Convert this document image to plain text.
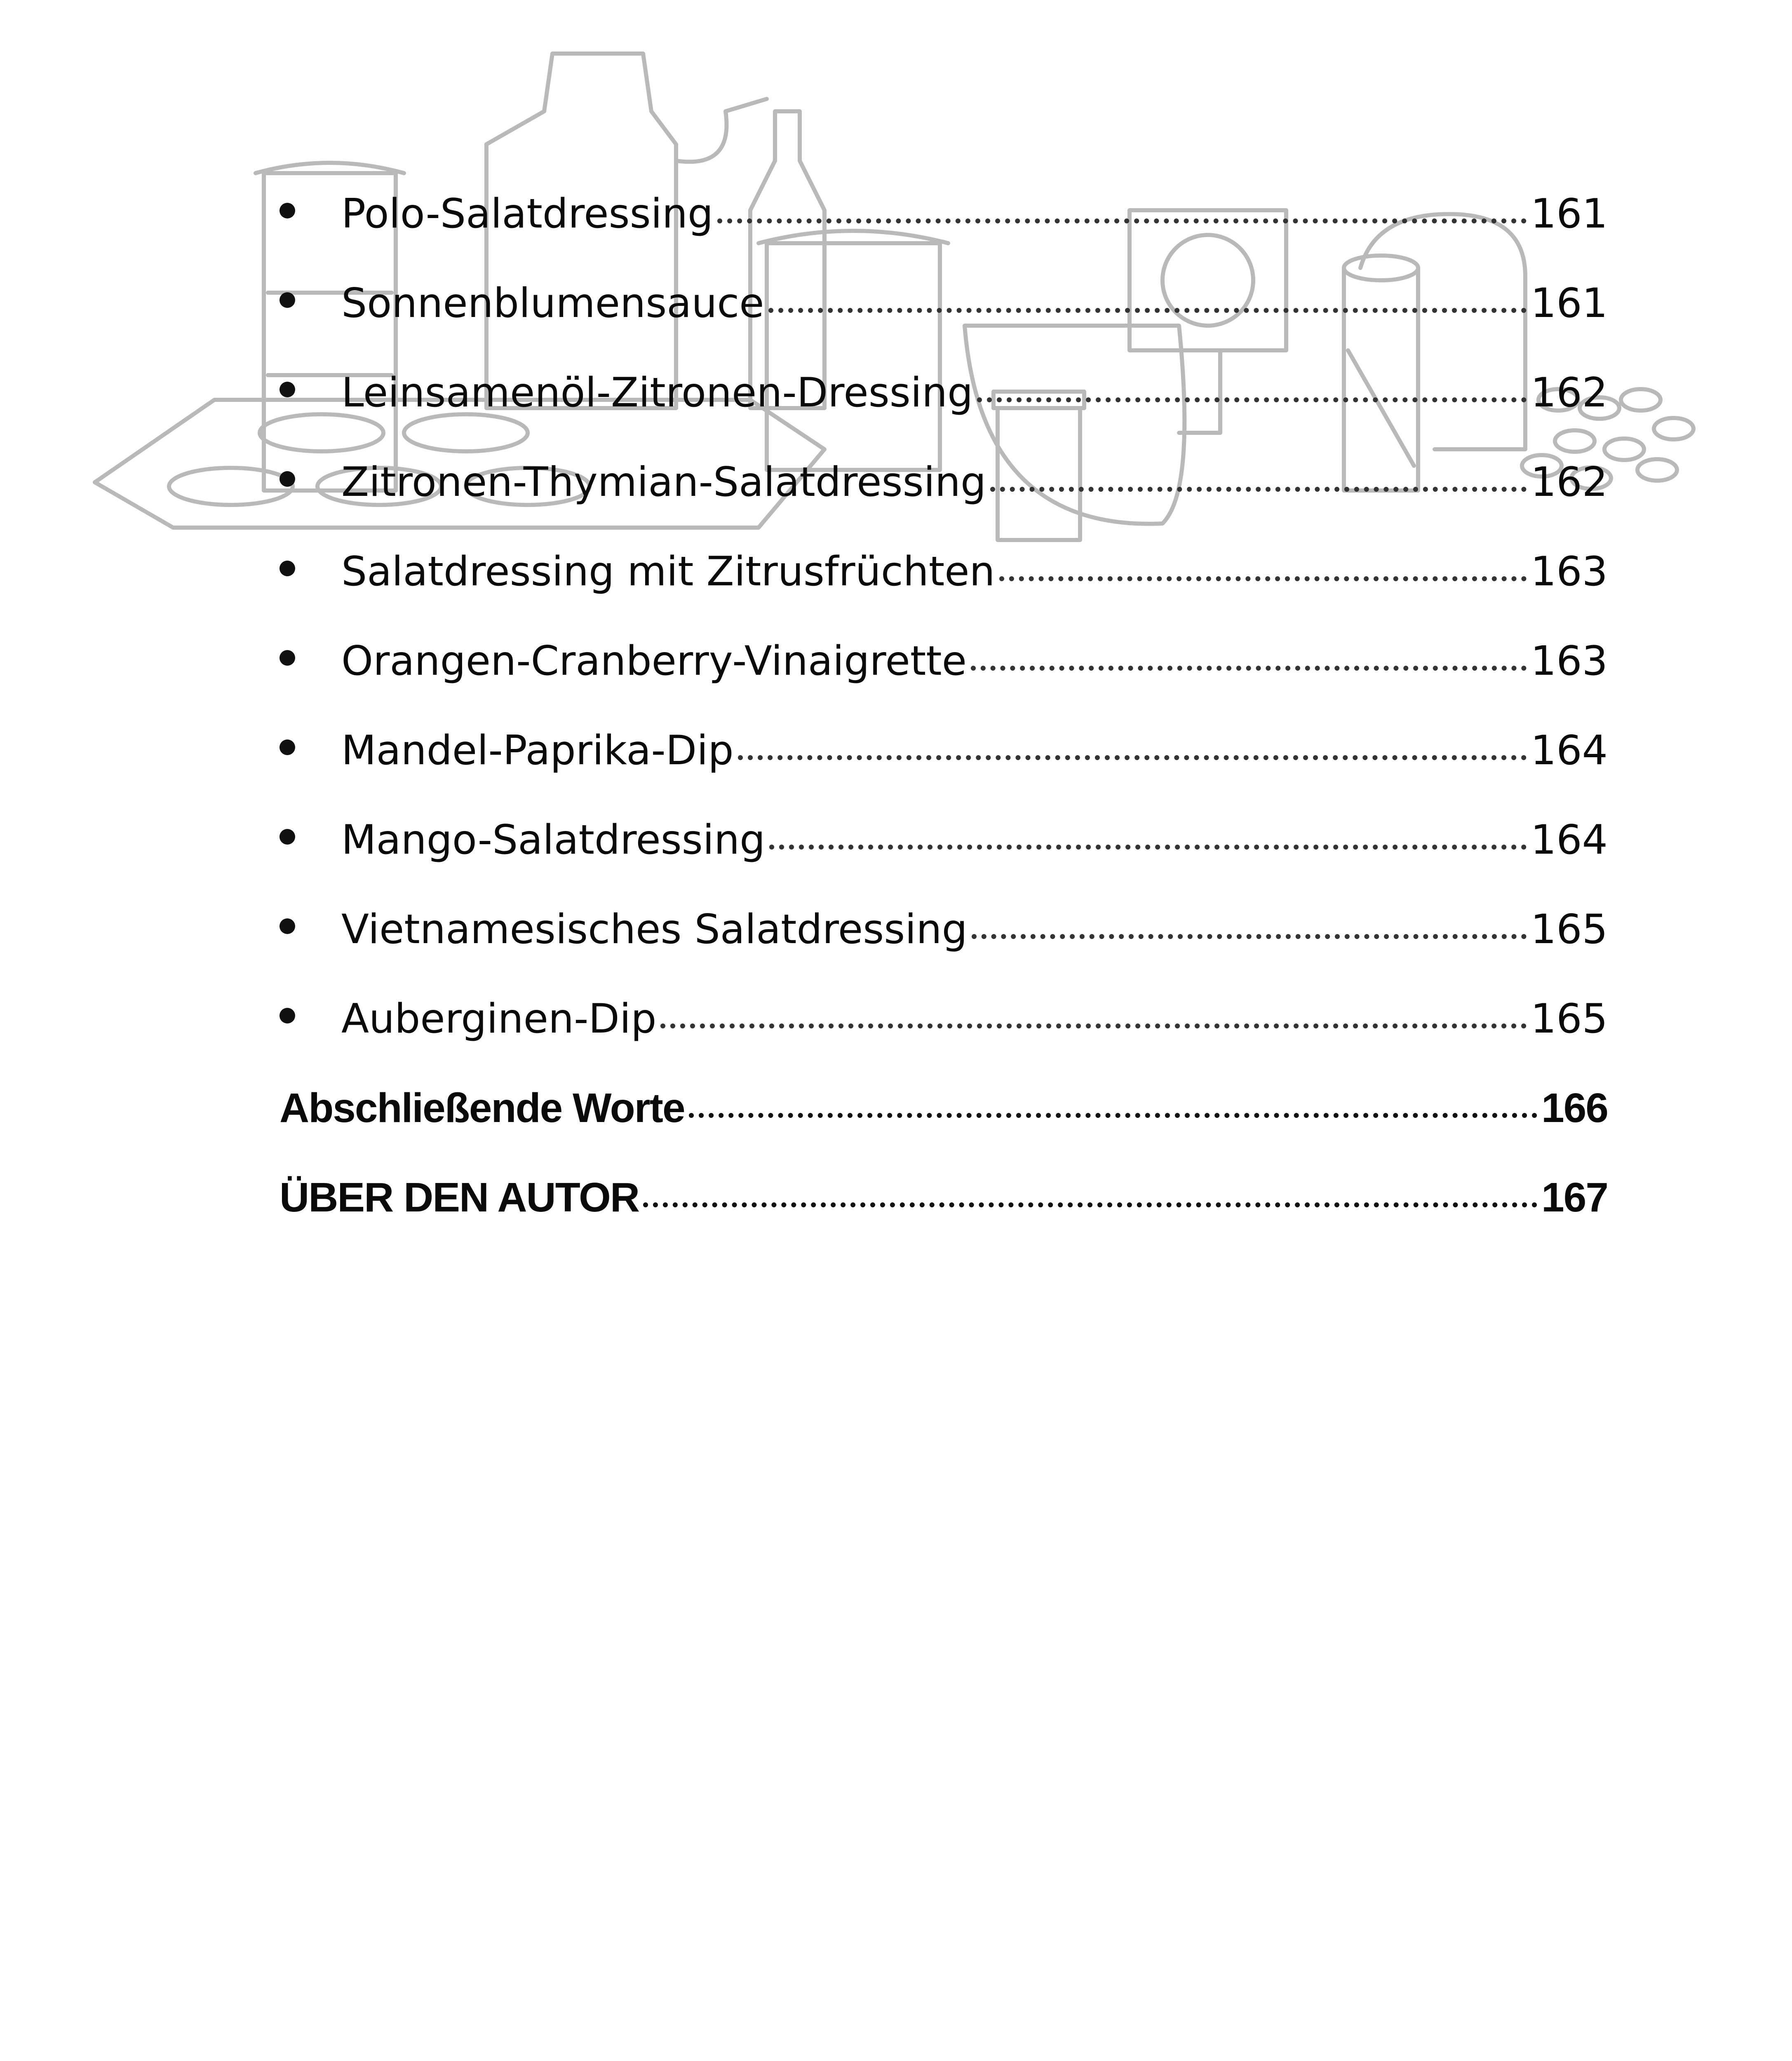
Polo-Salatdressing	161
Sonnenblumensauce	161
Leinsamenöl-Zitronen-Dressing	162
Zitronen-Thymian-Salatdressing	162
Salatdressing mit Zitrusfrüchten	163
Orangen-Cranberry-Vinaigrette	163
Mandel-Paprika-Dip	164
Mango-Salatdressing	164
Vietnamesisches Salatdressing	165
Auberginen-Dip	165
Abschließende Worte	166
ÜBER DEN AUTOR	167
